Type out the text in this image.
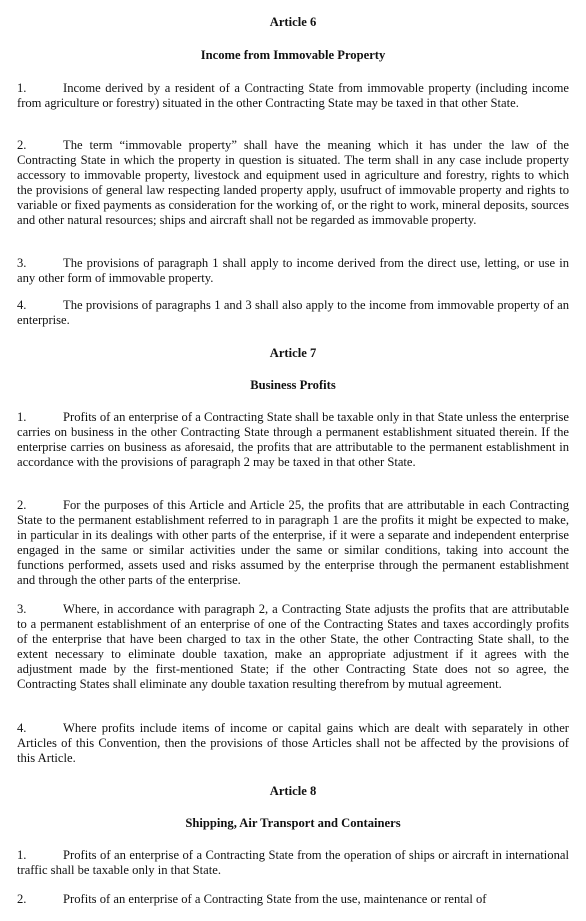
Article 6
Income from Immovable Property

1.	Income derived by a resident of a Contracting State from immovable property (including income from agriculture or forestry) situated in the other Contracting State may be taxed in that other State.

2.	The term “immovable property” shall have the meaning which it has under the law of the Contracting State in which the property in question is situated. The term shall in any case include property accessory to immovable property, livestock and equipment used in agriculture and forestry, rights to which the provisions of general law respecting landed property apply, usufruct of immovable property and rights to variable or fixed payments as consideration for the working of, or the right to work, mineral deposits, sources and other natural resources; ships and aircraft shall not be regarded as immovable property.

3.	The provisions of paragraph 1 shall apply to income derived from the direct use, letting, or use in any other form of immovable property.

4.	The provisions of paragraphs 1 and 3 shall also apply to the income from immovable property of an enterprise.

Article 7
Business Profits

1.	Profits of an enterprise of a Contracting State shall be taxable only in that State unless the enterprise carries on business in the other Contracting State through a permanent establishment situated therein. If the enterprise carries on business as aforesaid, the profits that are attributable to the permanent establishment in accordance with the provisions of paragraph 2 may be taxed in that other State.

2.	For the purposes of this Article and Article 25, the profits that are attributable in each Contracting State to the permanent establishment referred to in paragraph 1 are the profits it might be expected to make, in particular in its dealings with other parts of the enterprise, if it were a separate and independent enterprise engaged in the same or similar activities under the same or similar conditions, taking into account the functions performed, assets used and risks assumed by the enterprise through the permanent establishment and through the other parts of the enterprise.

3.	Where, in accordance with paragraph 2, a Contracting State adjusts the profits that are attributable to a permanent establishment of an enterprise of one of the Contracting States and taxes accordingly profits of the enterprise that have been charged to tax in the other State, the other Contracting State shall, to the extent necessary to eliminate double taxation, make an appropriate adjustment if it agrees with the adjustment made by the first-mentioned State; if the other Contracting State does not so agree, the Contracting States shall eliminate any double taxation resulting therefrom by mutual agreement.

4.	Where profits include items of income or capital gains which are dealt with separately in other Articles of this Convention, then the provisions of those Articles shall not be affected by the provisions of this Article.

Article 8
Shipping, Air Transport and Containers

1.	Profits of an enterprise of a Contracting State from the operation of ships or aircraft in international traffic shall be taxable only in that State.

2.	Profits of an enterprise of a Contracting State from the use, maintenance or rental of
